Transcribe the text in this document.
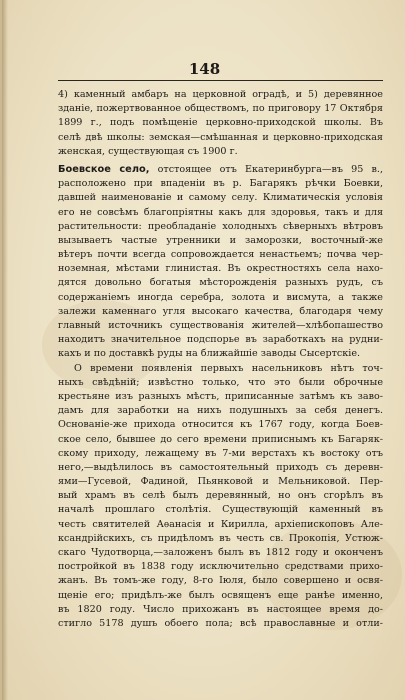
148
4) каменный амбаръ на церковной оградѣ, и 5) деревянное
зданіе, пожертвованное обществомъ, по приговору 17 Октября
1899 г., подъ помѣщеніе церковно-приходской школы. Въ
селѣ двѣ школы: земская—смѣшанная и церковно-приходская
женская, существующая съ 1900 г.
Боевское село, отстоящее отъ Екатеринбурга—въ 95 в.,
расположено при впаденіи въ р. Багарякъ рѣчки Боевки,
давшей наименованіе и самому селу. Климатическія условія
его не совсѣмъ благопріятны какъ для здоровья, такъ и для
растительности: преобладаніе холодныхъ сѣверныхъ вѣтровъ
вызываетъ частые утренники и заморозки, восточный-же
вѣтеръ почти всегда сопровождается ненастьемъ; почва чер-
ноземная, мѣстами глинистая. Въ окрестностяхъ села нахо-
дятся довольно богатыя мѣсторожденія разныхъ рудъ, съ
содержаніемъ иногда серебра, золота и висмута, а также
залежи каменнаго угля высокаго качества, благодаря чему
главный источникъ существованія жителей—хлѣбопашество
находитъ значительное подспорье въ заработкахъ на рудни-
кахъ и по доставкѣ руды на ближайшіе заводы Сысертскіе.
О времени появленія первыхъ насельниковъ нѣтъ точ-
ныхъ свѣдѣній; извѣстно только, что это были оброчные
крестьяне изъ разныхъ мѣстъ, приписанные затѣмъ къ заво-
дамъ для заработки на нихъ подушныхъ за себя денегъ.
Основаніе-же прихода относится къ 1767 году, когда Боев-
ское село, бывшее до сего времени приписнымъ къ Багаряк-
скому приходу, лежащему въ 7-ми верстахъ къ востоку отъ
него,—выдѣлилось въ самостоятельный приходъ съ деревн-
ями—Гусевой, Фадиной, Пьянковой и Мельниковой. Пер-
вый храмъ въ селѣ былъ деревянный, но онъ сгорѣлъ въ
началѣ прошлаго столѣтія. Существующій каменный въ
честь святителей Аѳанасія и Кирилла, архіепископовъ Але-
ксандрійскихъ, съ придѣломъ въ честь св. Прокопія, Устюж-
скаго Чудотворца,—заложенъ былъ въ 1812 году и оконченъ
постройкой въ 1838 году исключительно средствами прихо-
жанъ. Въ томъ-же году, 8-го Іюля, было совершено и освя-
щеніе его; придѣлъ-же былъ освященъ еще ранѣе именно,
въ 1820 году. Число прихожанъ въ настоящее время до-
стигло 5178 душъ обоего пола; всѣ православные и отли-
